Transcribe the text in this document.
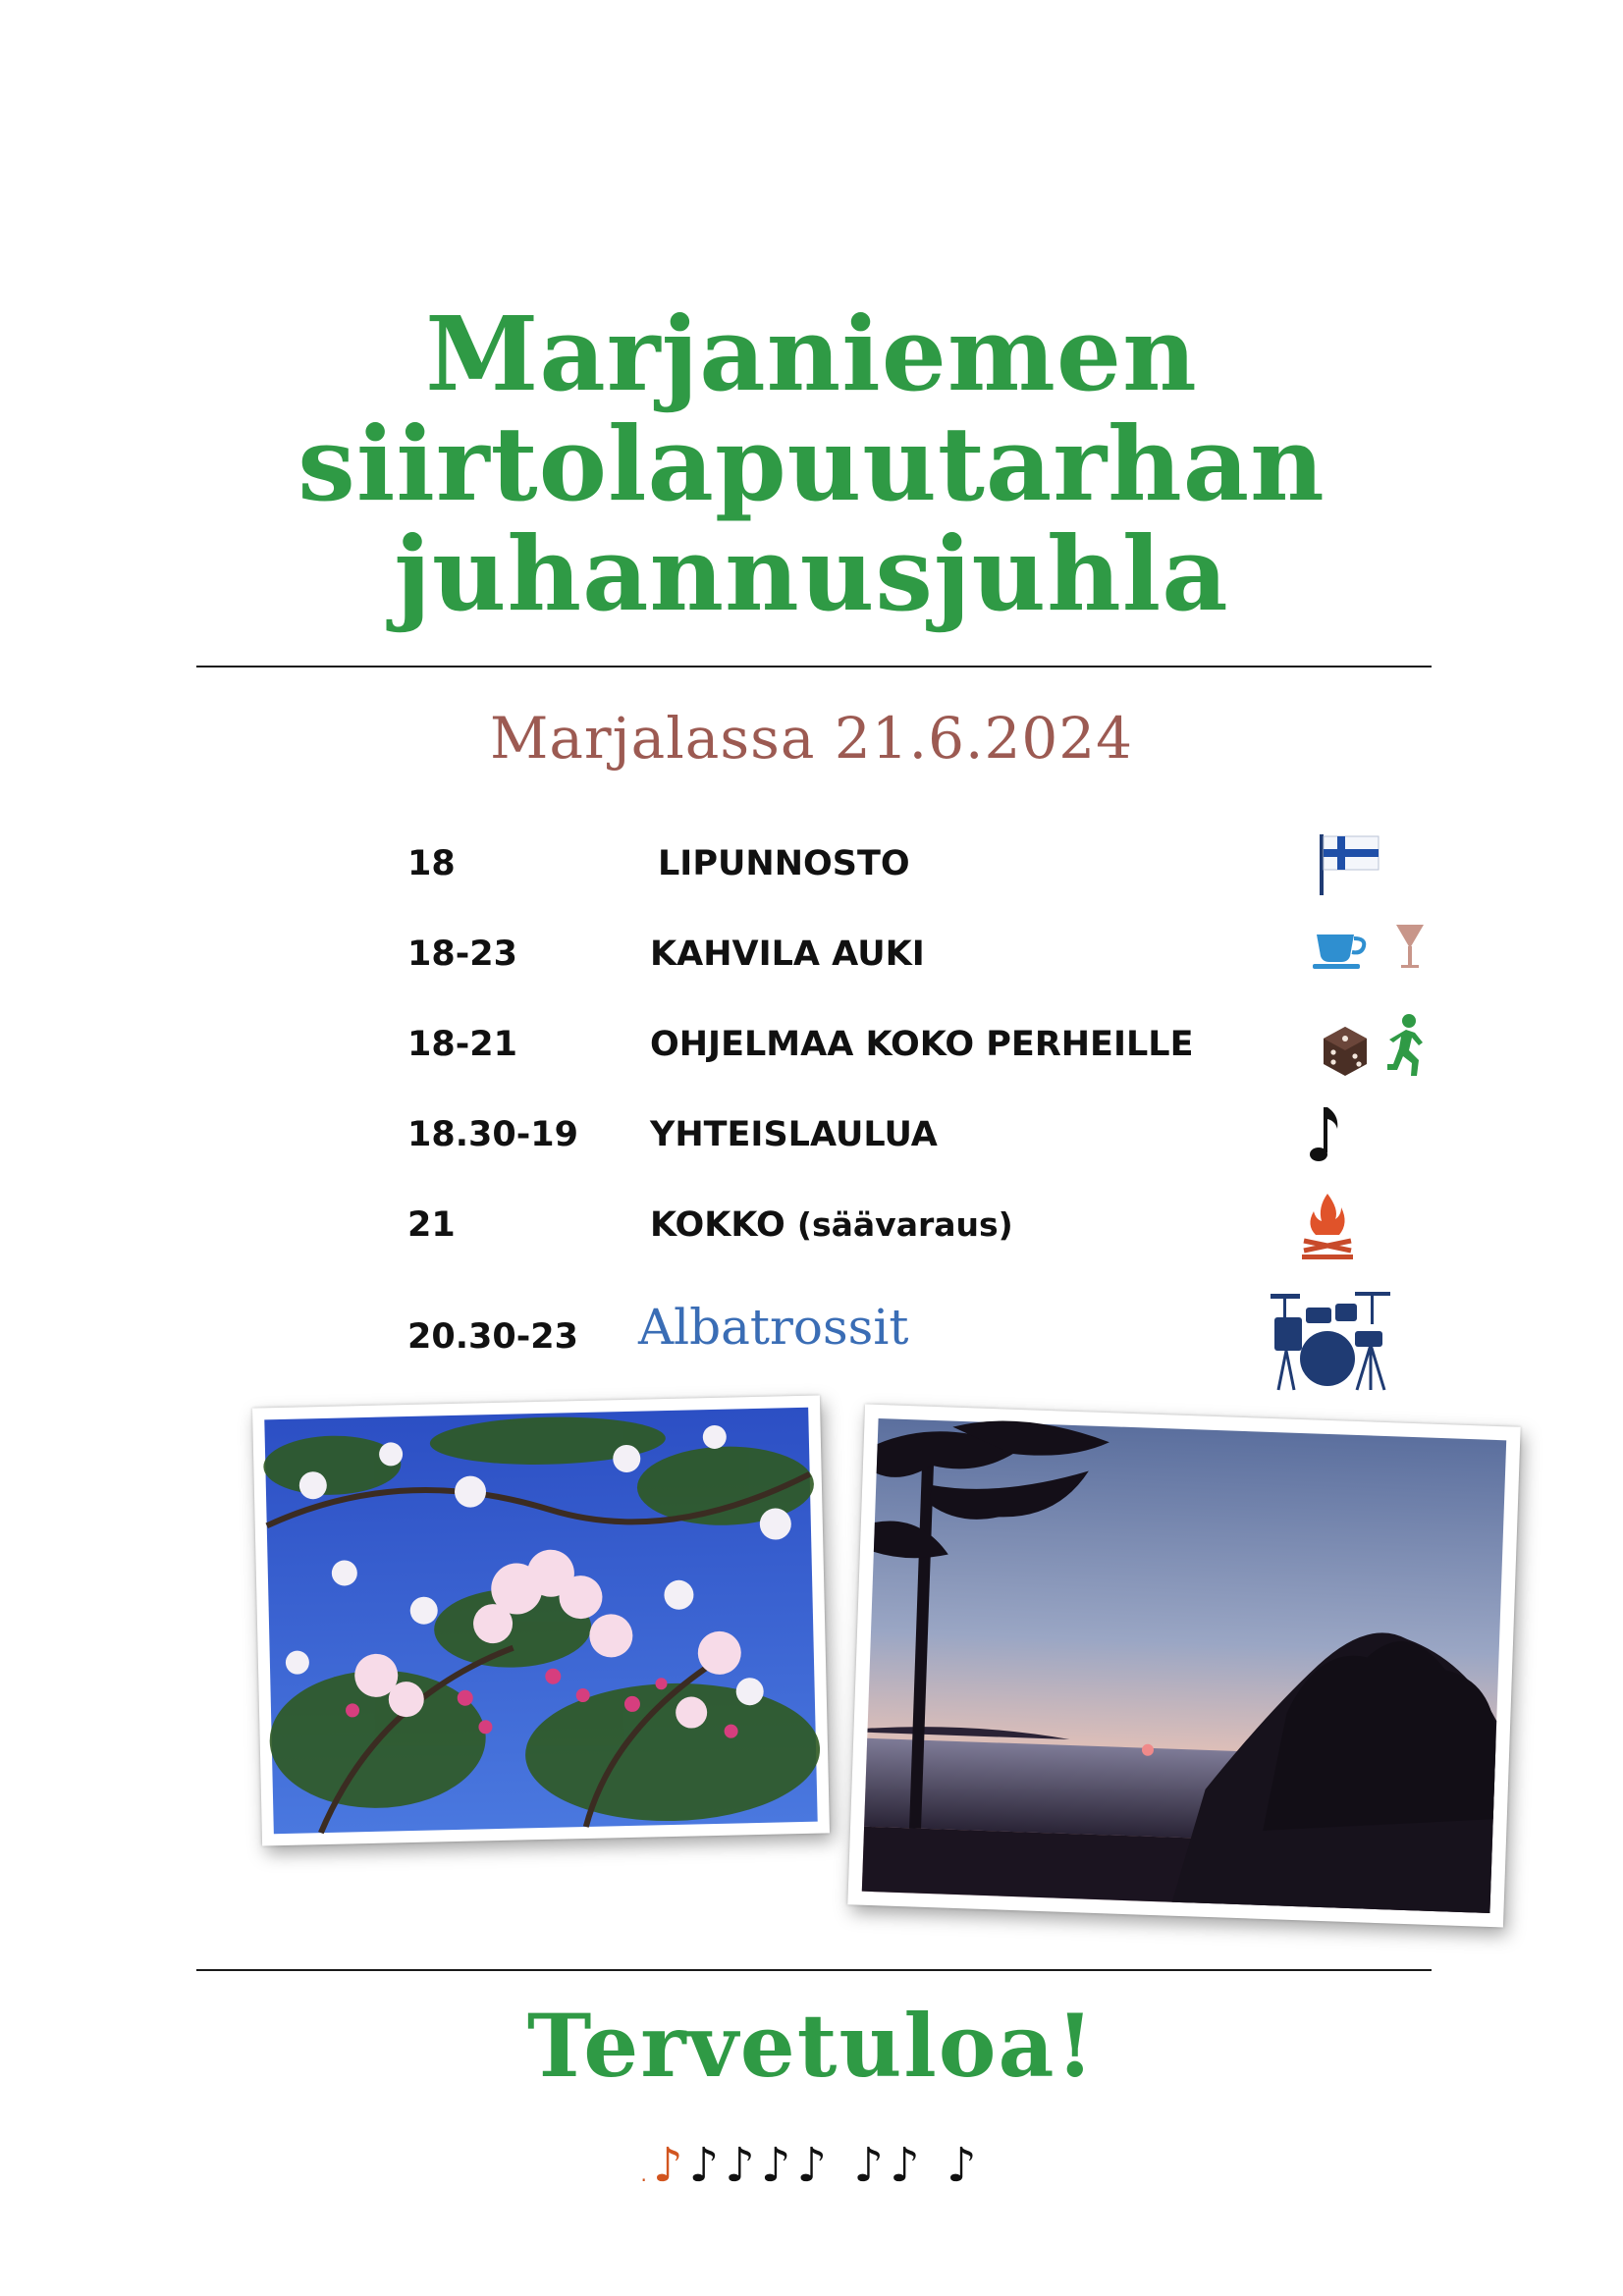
Marjaniemen
siirtolapuutarhan
juhannusjuhla
Marjalassa 21.6.2024
18	LIPUNNOSTO
18-23	KAHVILA AUKI
18-21	OHJELMAA KOKO PERHEILLE
18.30-19 YHTEISLAULUA
21	KOKKO (säävaraus)
20.30-23 Albatrossit
Tervetuloa!
.♪♪♪♪♪ ♪♪ ♪
